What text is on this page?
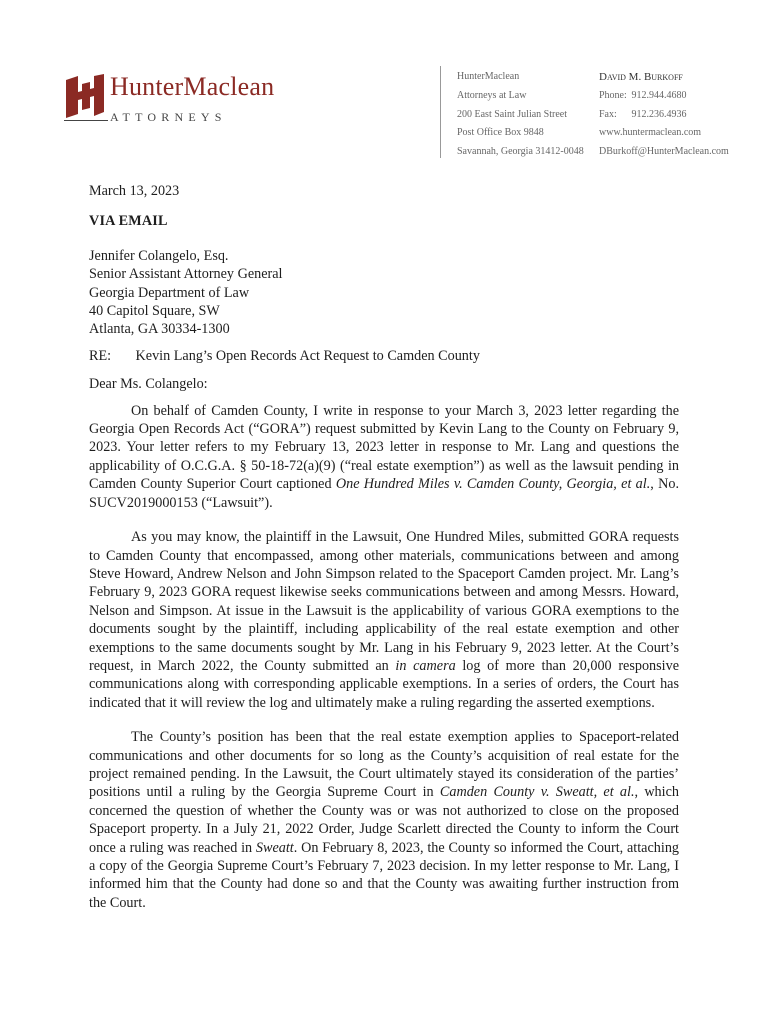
HunterMaclean
ATTORNEYS
HunterMaclean
Attorneys at Law
200 East Saint Julian Street
Post Office Box 9848
Savannah, Georgia 31412-0048
David M. Burkoff
Phone: 912.944.4680
Fax: 912.236.4936
www.huntermaclean.com
DBurkoff@HunterMaclean.com
March 13, 2023
VIA EMAIL
Jennifer Colangelo, Esq.
Senior Assistant Attorney General
Georgia Department of Law
40 Capitol Square, SW
Atlanta, GA 30334-1300
RE: Kevin Lang’s Open Records Act Request to Camden County
Dear Ms. Colangelo:

On behalf of Camden County, I write in response to your March 3, 2023 letter regarding the Georgia Open Records Act (“GORA”) request submitted by Kevin Lang to the County on February 9, 2023. Your letter refers to my February 13, 2023 letter in response to Mr. Lang and questions the applicability of O.C.G.A. § 50-18-72(a)(9) (“real estate exemption”) as well as the lawsuit pending in Camden County Superior Court captioned One Hundred Miles v. Camden County, Georgia, et al., No. SUCV2019000153 (“Lawsuit”).

As you may know, the plaintiff in the Lawsuit, One Hundred Miles, submitted GORA requests to Camden County that encompassed, among other materials, communications between and among Steve Howard, Andrew Nelson and John Simpson related to the Spaceport Camden project. Mr. Lang’s February 9, 2023 GORA request likewise seeks communications between and among Messrs. Howard, Nelson and Simpson. At issue in the Lawsuit is the applicability of various GORA exemptions to the documents sought by the plaintiff, including applicability of the real estate exemption and other exemptions to the same documents sought by Mr. Lang in his February 9, 2023 letter. At the Court’s request, in March 2022, the County submitted an in camera log of more than 20,000 responsive communications along with corresponding applicable exemptions. In a series of orders, the Court has indicated that it will review the log and ultimately make a ruling regarding the asserted exemptions.

The County’s position has been that the real estate exemption applies to Spaceport-related communications and other documents for so long as the County’s acquisition of real estate for the project remained pending. In the Lawsuit, the Court ultimately stayed its consideration of the parties’ positions until a ruling by the Georgia Supreme Court in Camden County v. Sweatt, et al., which concerned the question of whether the County was or was not authorized to close on the proposed Spaceport property. In a July 21, 2022 Order, Judge Scarlett directed the County to inform the Court once a ruling was reached in Sweatt. On February 8, 2023, the County so informed the Court, attaching a copy of the Georgia Supreme Court’s February 7, 2023 decision. In my letter response to Mr. Lang, I informed him that the County had done so and that the County was awaiting further instruction from the Court.
